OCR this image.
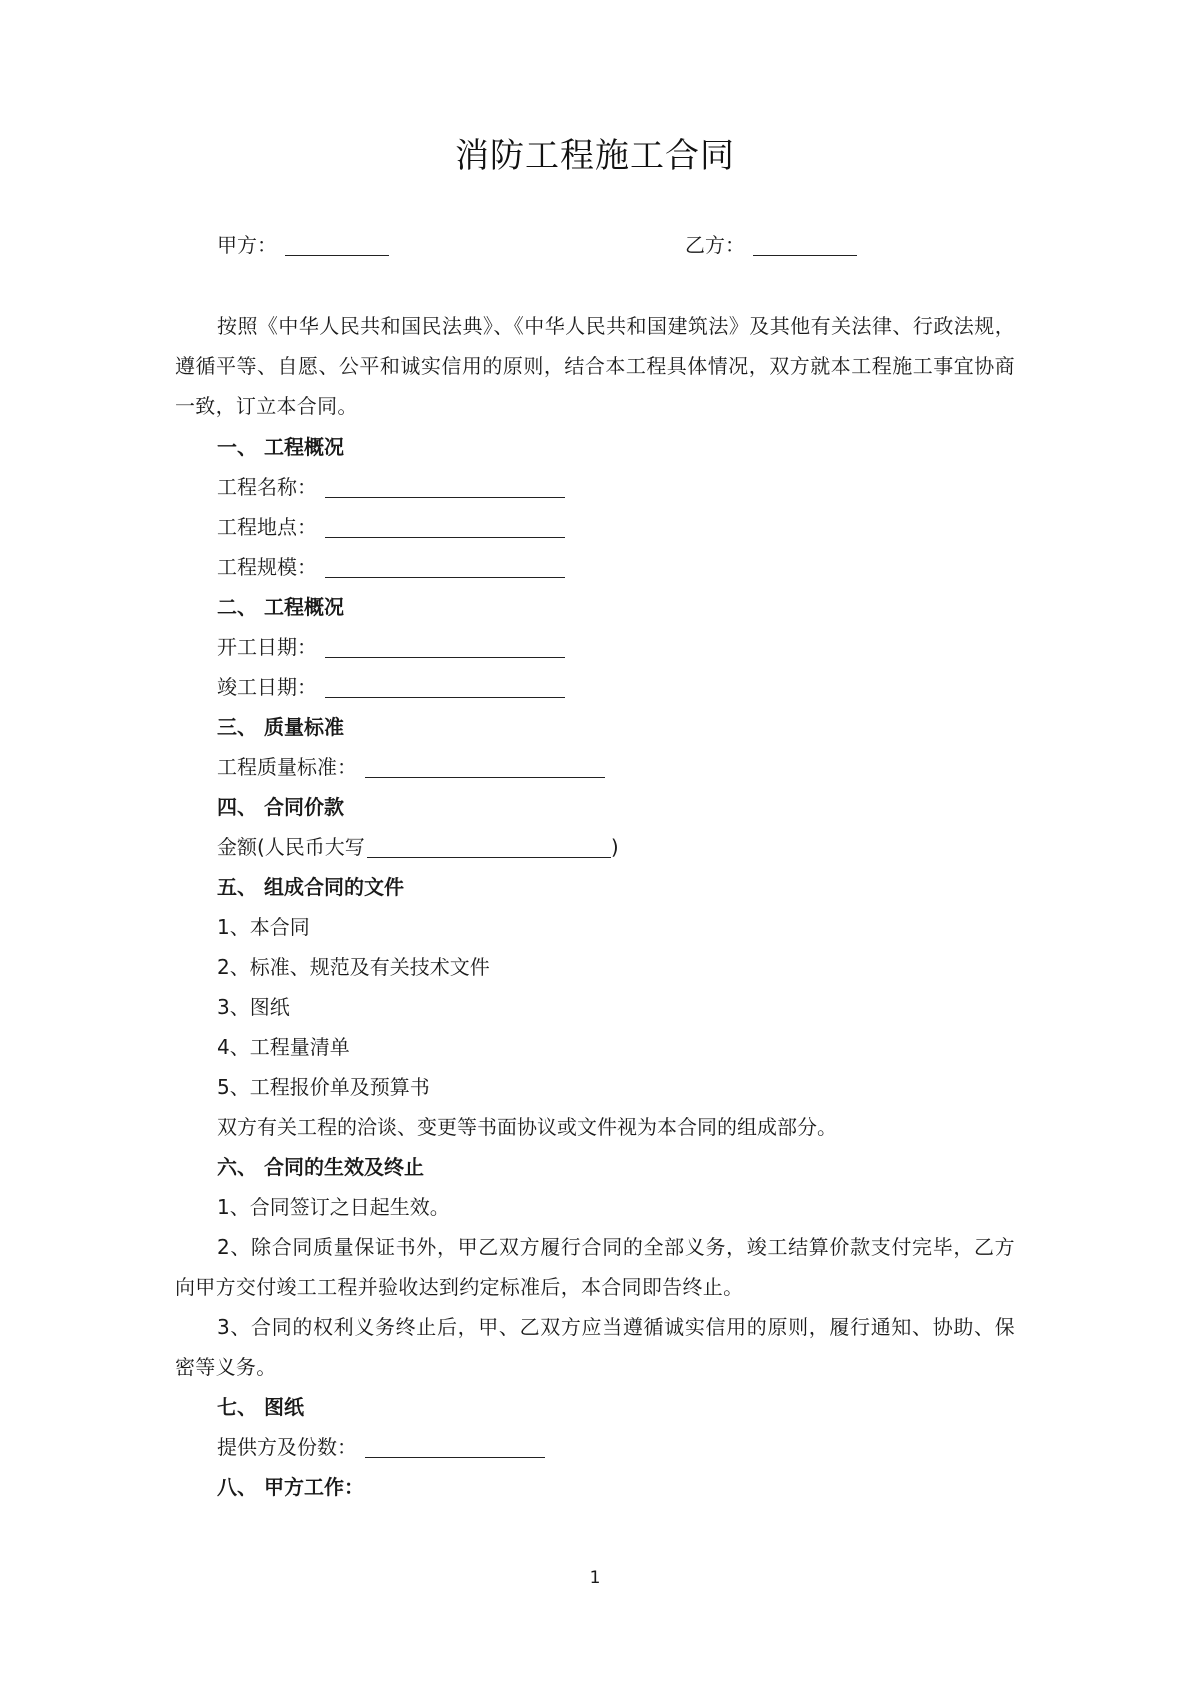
消防工程施工合同
甲方：	乙方：
按照《中华人民共和国民法典》、《中华人民共和国建筑法》及其他有关法律、行政法规，遵循平等、自愿、公平和诚实信用的原则，结合本工程具体情况，双方就本工程施工事宜协商一致，订立本合同。
一、 工程概况
工程名称：
工程地点：
工程规模：
二、 工程概况
开工日期：
竣工日期：
三、 质量标准
工程质量标准：
四、 合同价款
金额(人民币大写	)
五、 组成合同的文件
1、本合同
2、标准、规范及有关技术文件
3、图纸
4、工程量清单
5、工程报价单及预算书
双方有关工程的洽谈、变更等书面协议或文件视为本合同的组成部分。
六、 合同的生效及终止
1、合同签订之日起生效。
2、除合同质量保证书外，甲乙双方履行合同的全部义务，竣工结算价款支付完毕，乙方向甲方交付竣工工程并验收达到约定标准后，本合同即告终止。
3、合同的权利义务终止后，甲、乙双方应当遵循诚实信用的原则，履行通知、协助、保密等义务。
七、 图纸
提供方及份数：
八、 甲方工作：
1
